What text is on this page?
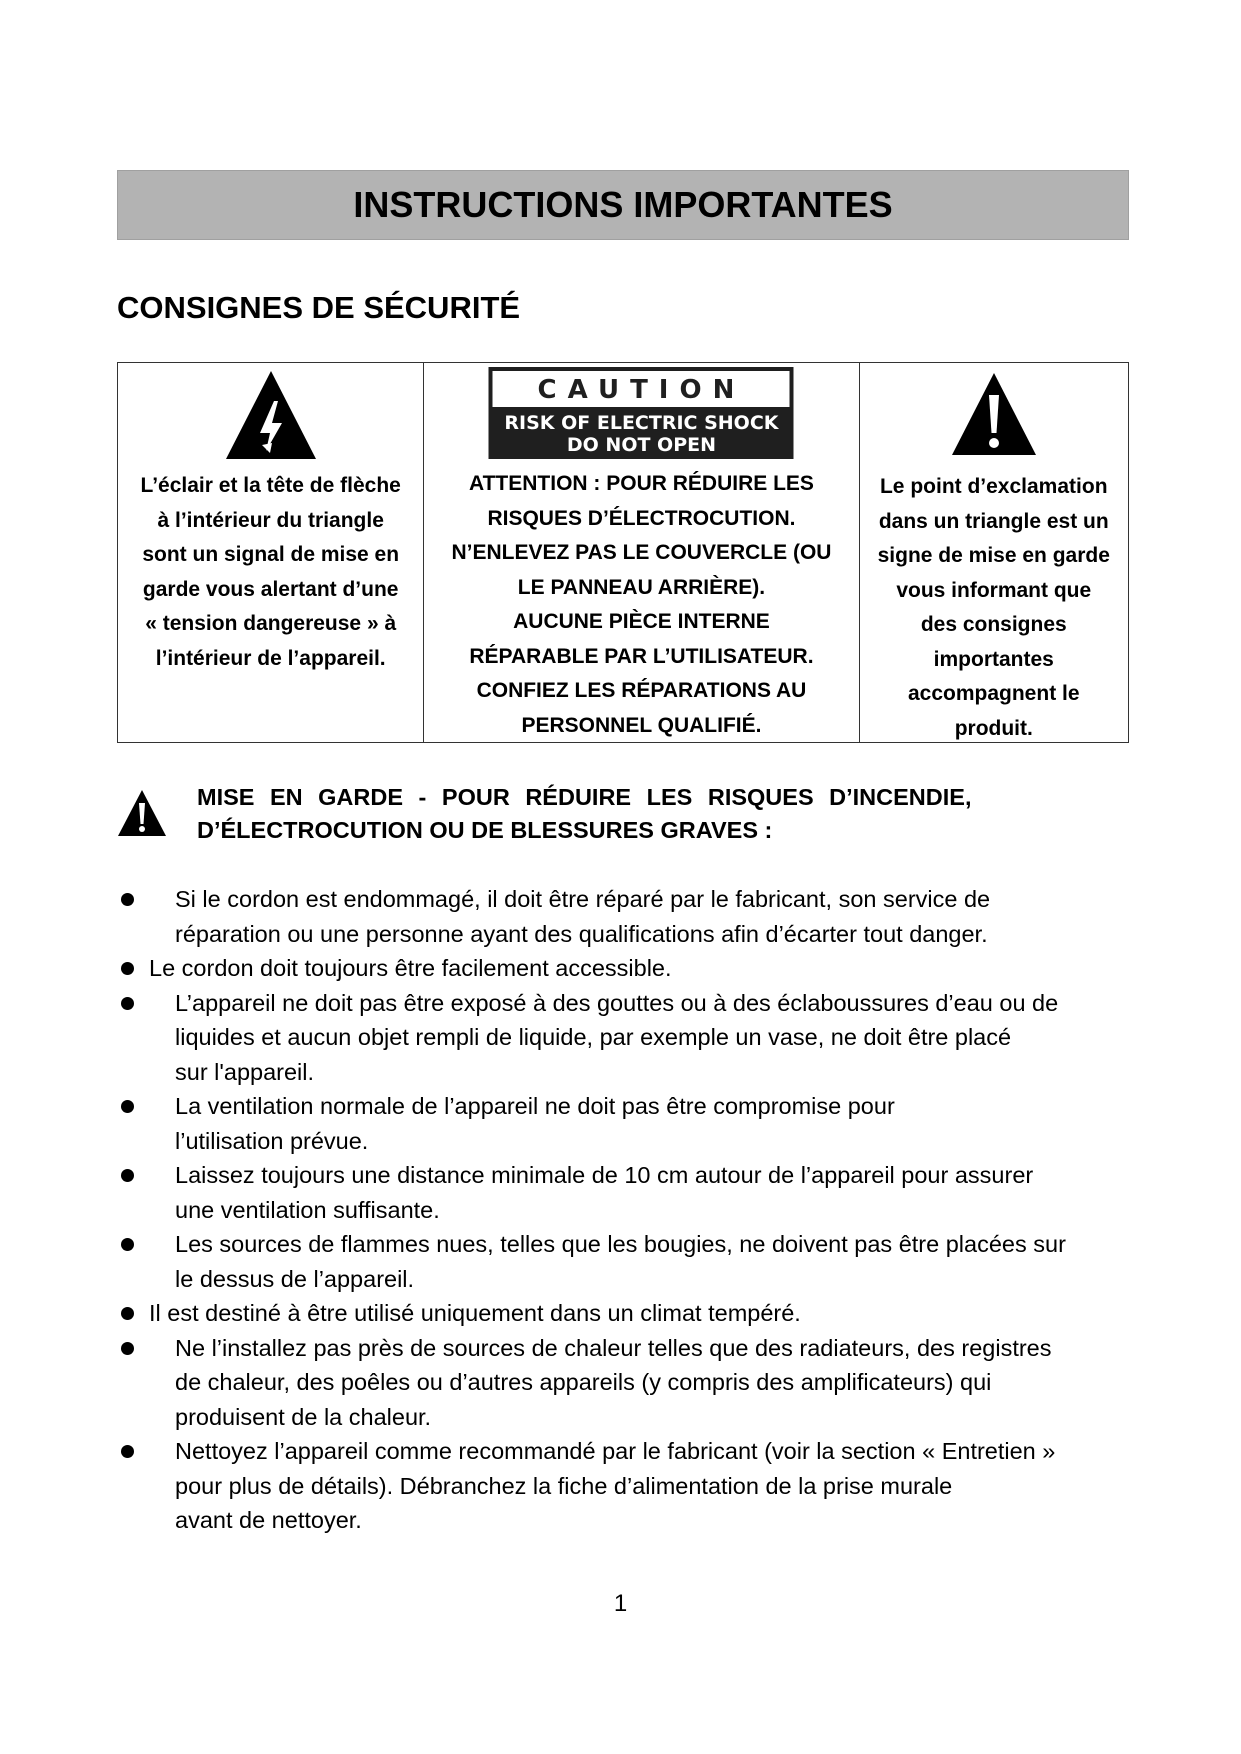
INSTRUCTIONS IMPORTANTES
CONSIGNES DE SÉCURITÉ
L’éclair et la tête de flèche
à l’intérieur du triangle
sont un signal de mise en
garde vous alertant d’une
« tension dangereuse » à
l’intérieur de l’appareil.
CAUTION
RISK OF ELECTRIC SHOCK
DO NOT OPEN
ATTENTION : POUR RÉDUIRE LES
RISQUES D’ÉLECTROCUTION.
N’ENLEVEZ PAS LE COUVERCLE (OU
LE PANNEAU ARRIÈRE).
AUCUNE PIÈCE INTERNE
RÉPARABLE PAR L’UTILISATEUR.
CONFIEZ LES RÉPARATIONS AU
PERSONNEL QUALIFIÉ.
Le point d’exclamation
dans un triangle est un
signe de mise en garde
vous informant que
des consignes
importantes
accompagnent le
produit.

MISE EN GARDE - POUR RÉDUIRE LES RISQUES D’INCENDIE,
D’ÉLECTROCUTION OU DE BLESSURES GRAVES :

Si le cordon est endommagé, il doit être réparé par le fabricant, son service de
réparation ou une personne ayant des qualifications afin d’écarter tout danger.
Le cordon doit toujours être facilement accessible.
L’appareil ne doit pas être exposé à des gouttes ou à des éclaboussures d’eau ou de
liquides et aucun objet rempli de liquide, par exemple un vase, ne doit être placé
sur l'appareil.
La ventilation normale de l’appareil ne doit pas être compromise pour
l’utilisation prévue.
Laissez toujours une distance minimale de 10 cm autour de l’appareil pour assurer
une ventilation suffisante.
Les sources de flammes nues, telles que les bougies, ne doivent pas être placées sur
le dessus de l’appareil.
Il est destiné à être utilisé uniquement dans un climat tempéré.
Ne l’installez pas près de sources de chaleur telles que des radiateurs, des registres
de chaleur, des poêles ou d’autres appareils (y compris des amplificateurs) qui
produisent de la chaleur.
Nettoyez l’appareil comme recommandé par le fabricant (voir la section « Entretien »
pour plus de détails). Débranchez la fiche d’alimentation de la prise murale
avant de nettoyer.
1
